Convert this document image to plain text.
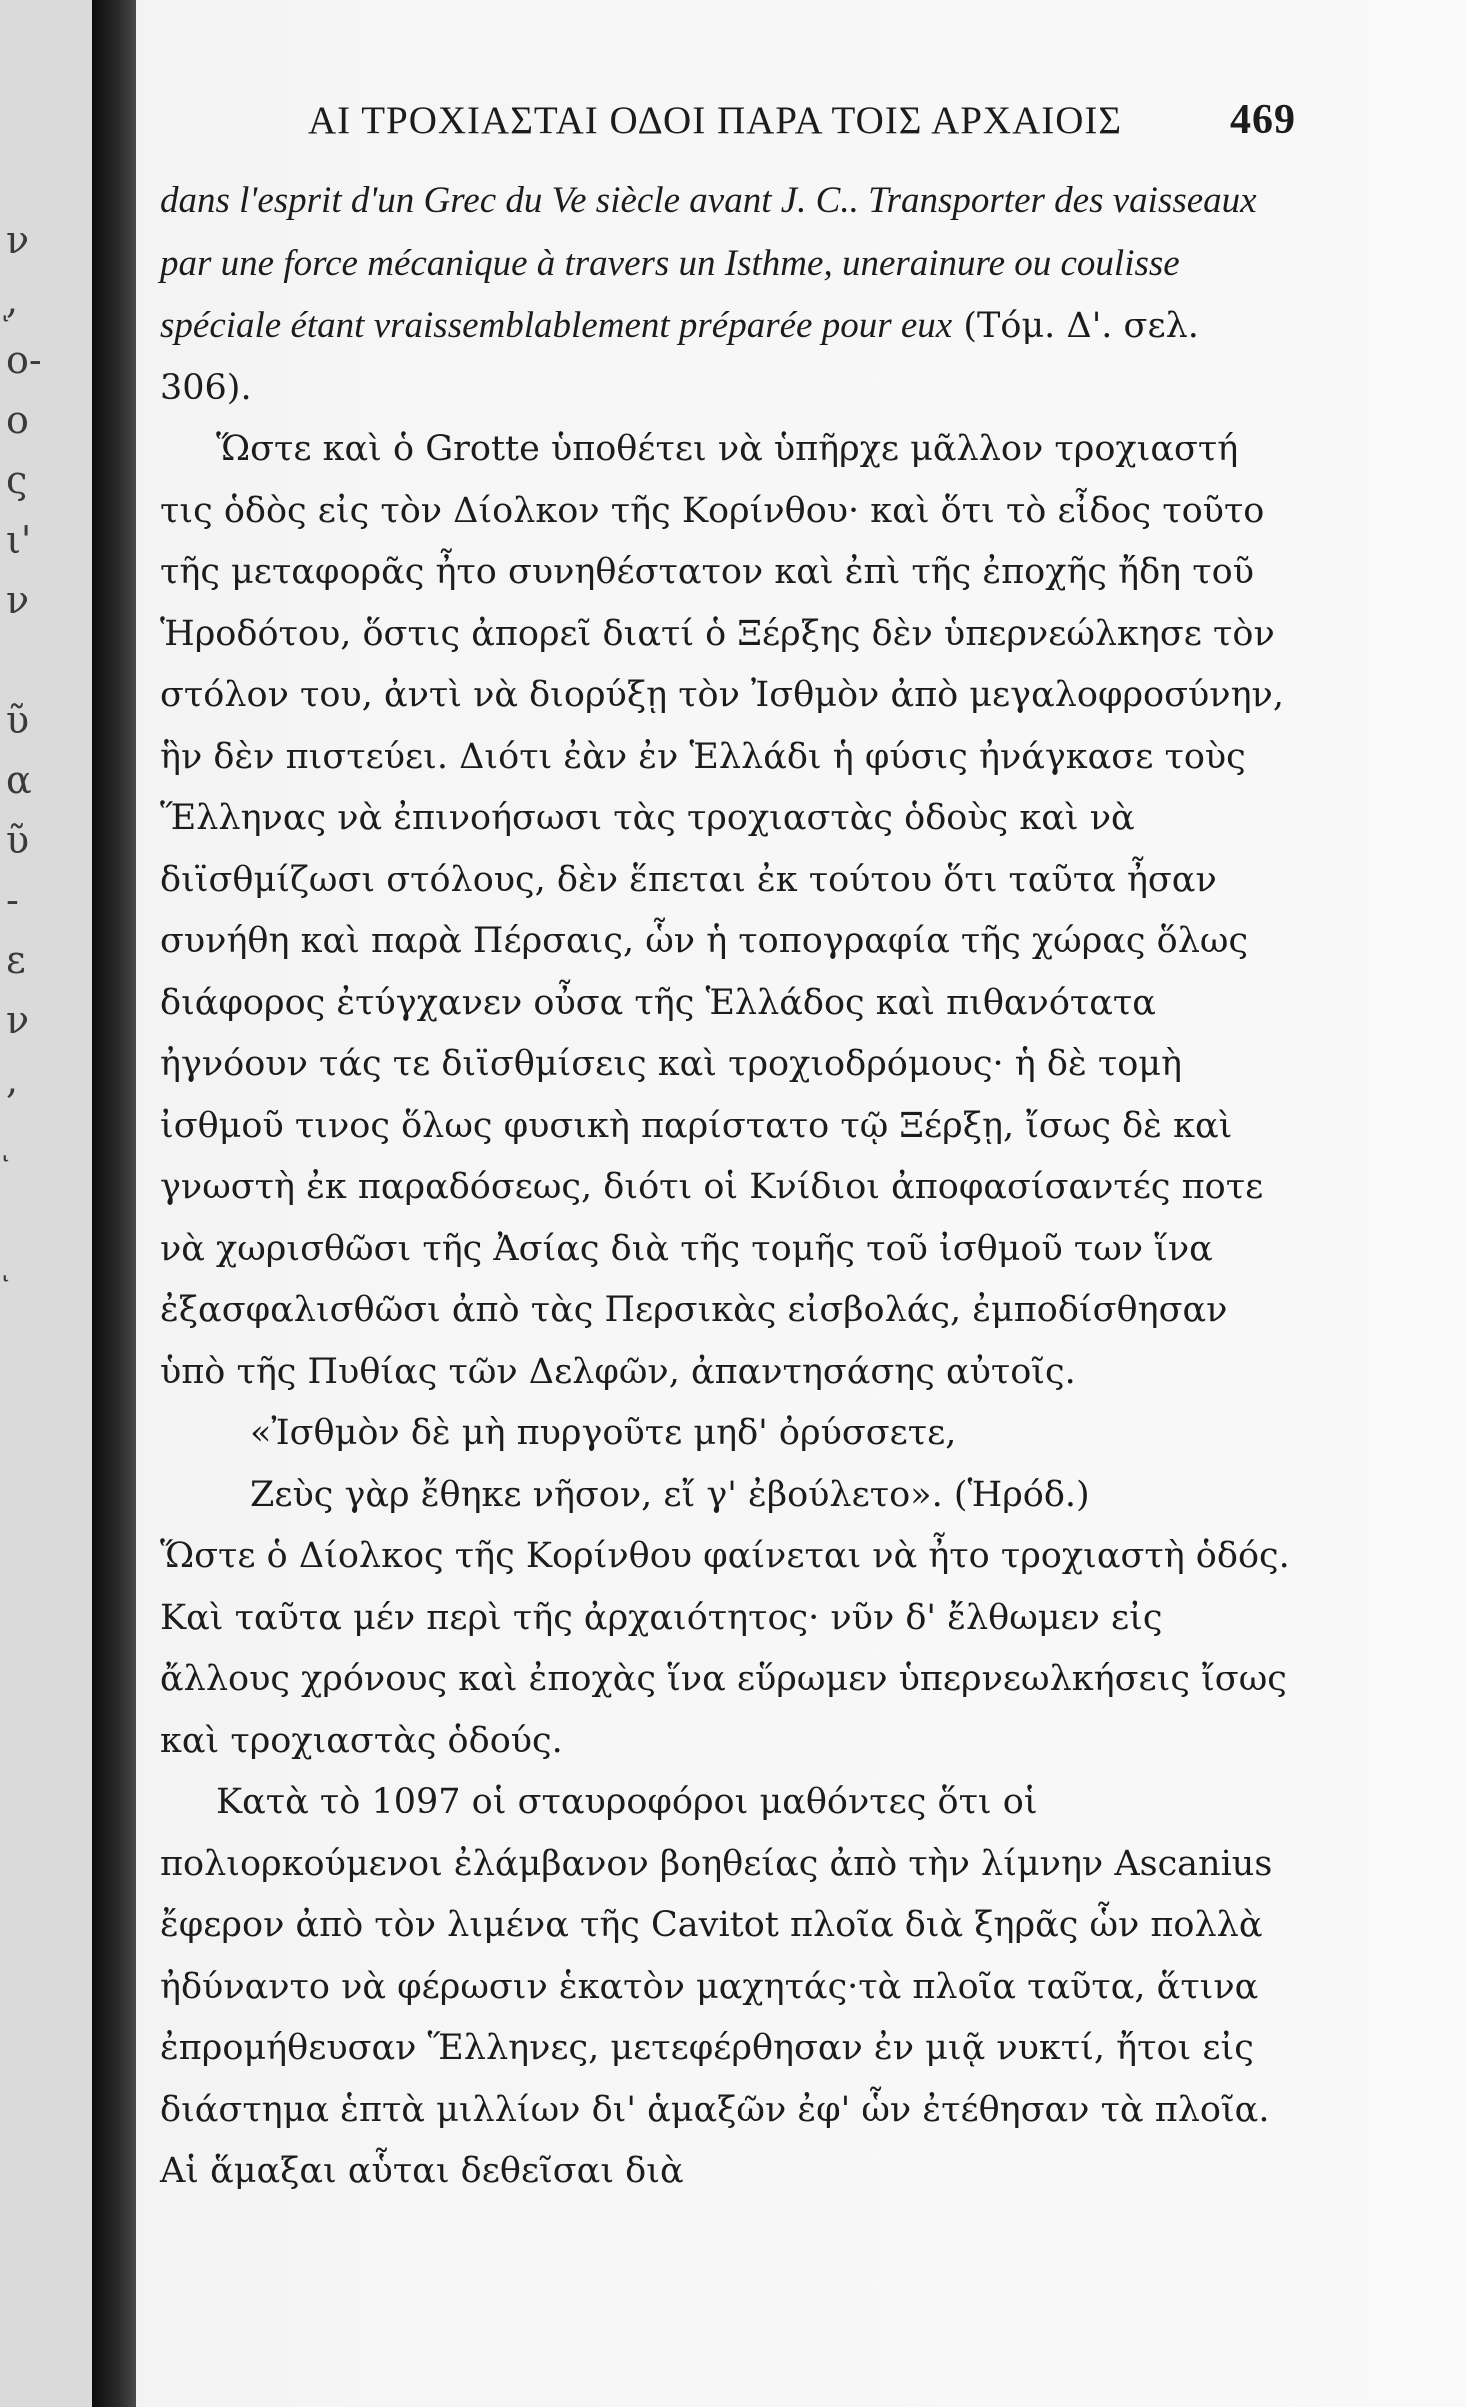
ν
ͅ,
ο-
ο
ς
ι'
ν
ῦ
α
ῦ
-
ε
ν
,
ΑΙ ΤΡΟΧΙΑΣΤΑΙ ΟΔΟΙ ΠΑΡΑ ΤΟΙΣ ΑΡΧΑΙΟΙΣ	469

dans l'esprit d'un Grec du Ve siècle avant J. C.. Transporter des vaisseaux par une force mécanique à travers un Isthme, unerainure ou coulisse spéciale étant vraissemblablement préparée pour eux (Τόμ. Δ'. σελ. 306).

Ὥστε καὶ ὁ Grotte ὑποθέτει νὰ ὑπῆρχε μᾶλλον τροχιαστή τις ὁδὸς εἰς τὸν Δίολκον τῆς Κορίνθου· καὶ ὅτι τὸ εἶδος τοῦτο τῆς μεταφορᾶς ἦτο συνηθέστατον καὶ ἐπὶ τῆς ἐποχῆς ἤδη τοῦ Ἡροδότου, ὅστις ἀπορεῖ διατί ὁ Ξέρξης δὲν ὑπερνεώλκησε τὸν στόλον του, ἀντὶ νὰ διορύξῃ τὸν Ἰσθμὸν ἀπὸ μεγαλοφροσύνην, ἣν δὲν πιστεύει. Διότι ἐὰν ἐν Ἑλλάδι ἡ φύσις ἠνάγκασε τοὺς Ἕλληνας νὰ ἐπινοήσωσι τὰς τροχιαστὰς ὁδοὺς καὶ νὰ διϊσθμίζωσι στόλους, δὲν ἕπεται ἐκ τούτου ὅτι ταῦτα ἦσαν συνήθη καὶ παρὰ Πέρσαις, ὧν ἡ τοπογραφία τῆς χώρας ὅλως διάφορος ἐτύγχανεν οὖσα τῆς Ἑλλάδος καὶ πιθανότατα ἠγνόουν τάς τε διϊσθμίσεις καὶ τροχιοδρόμους· ἡ δὲ τομὴ ἰσθμοῦ τινος ὅλως φυσικὴ παρίστατο τῷ Ξέρξῃ, ἴσως δὲ καὶ γνωστὴ ἐκ παραδόσεως, διότι οἱ Κνίδιοι ἀποφασίσαντές ποτε νὰ χωρισθῶσι τῆς Ἀσίας διὰ τῆς τομῆς τοῦ ἰσθμοῦ των ἵνα ἐξασφαλισθῶσι ἀπὸ τὰς Περσικὰς εἰσβολάς, ἐμποδίσθησαν ὑπὸ τῆς Πυθίας τῶν Δελφῶν, ἀπαντησάσης αὐτοῖς.

«Ἰσθμὸν δὲ μὴ πυργοῦτε μηδ' ὀρύσσετε,
Ζεὺς γὰρ ἔθηκε νῆσον, εἴ γ' ἐβούλετο». (Ἡρόδ.)

Ὥστε ὁ Δίολκος τῆς Κορίνθου φαίνεται νὰ ἦτο τροχιαστὴ ὁδός. Καὶ ταῦτα μέν περὶ τῆς ἀρχαιότητος· νῦν δ' ἔλθωμεν εἰς ἄλλους χρόνους καὶ ἐποχὰς ἵνα εὕρωμεν ὑπερνεωλκήσεις ἴσως καὶ τροχιαστὰς ὁδούς.

Κατὰ τὸ 1097 οἱ σταυροφόροι μαθόντες ὅτι οἱ πολιορκούμενοι ἐλάμβανον βοηθείας ἀπὸ τὴν λίμνην Ascanius ἔφερον ἀπὸ τὸν λιμένα τῆς Cavitot πλοῖα διὰ ξηρᾶς ὧν πολλὰ ἠδύναντο νὰ φέρωσιν ἑκατὸν μαχητάς·τὰ πλοῖα ταῦτα, ἅτινα ἐπρομήθευσαν Ἕλληνες, μετεφέρθησαν ἐν μιᾷ νυκτί, ἤτοι εἰς διάστημα ἑπτὰ μιλλίων δι' ἁμαξῶν ἐφ' ὧν ἐτέθησαν τὰ πλοῖα. Αἱ ἅμαξαι αὗται δεθεῖσαι διὰ
